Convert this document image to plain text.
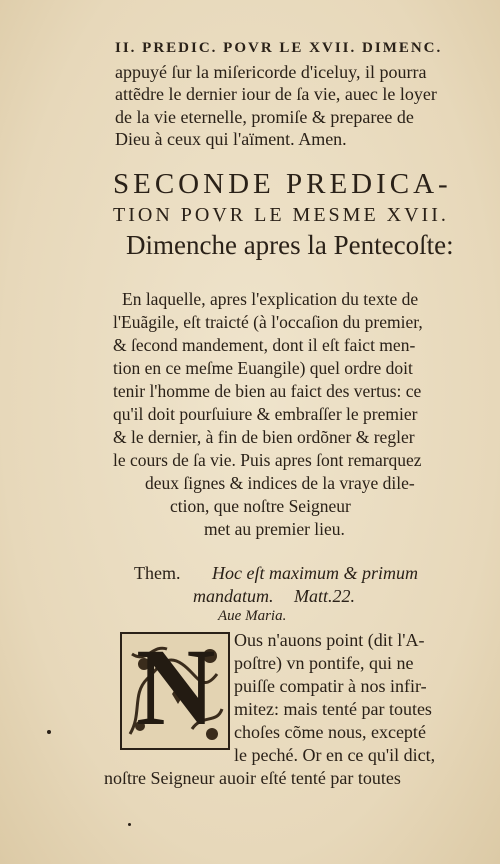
II. PREDIC. POVR LE XVII. DIMENC.
appuyé ſur la miſericorde d'iceluy, il pourra
attẽdre le dernier iour de ſa vie, auec le loyer
de la vie eternelle, promiſe & preparee de
Dieu à ceux qui l'aïment. Amen.
SECONDE PREDICA-
TION POVR LE MESME XVII.
Dimenche apres la Pentecoſte:
En laquelle, apres l'explication du texte de
l'Euãgile, eſt traicté (à l'occaſion du premier,
& ſecond mandement, dont il eſt faict men-
tion en ce meſme Euangile) quel ordre doit
tenir l'homme de bien au faict des vertus: ce
qu'il doit pourſuiure & embraſſer le premier
& le dernier, à fin de bien ordõner & regler
le cours de ſa vie. Puis apres ſont remarquez
deux ſignes & indices de la vraye dile-
ction, que noſtre Seigneur
met au premier lieu.
Them. Hoc eſt maximum & primum
mandatum. Matt.22.
Aue Maria.
N Ous n'auons point (dit l'A-
poſtre) vn pontife, qui ne
puiſſe compatir à nos infir-
mitez: mais tenté par toutes
choſes cõme nous, excepté
le peché. Or en ce qu'il dict,
noſtre Seigneur auoir eſté tenté par toutes
